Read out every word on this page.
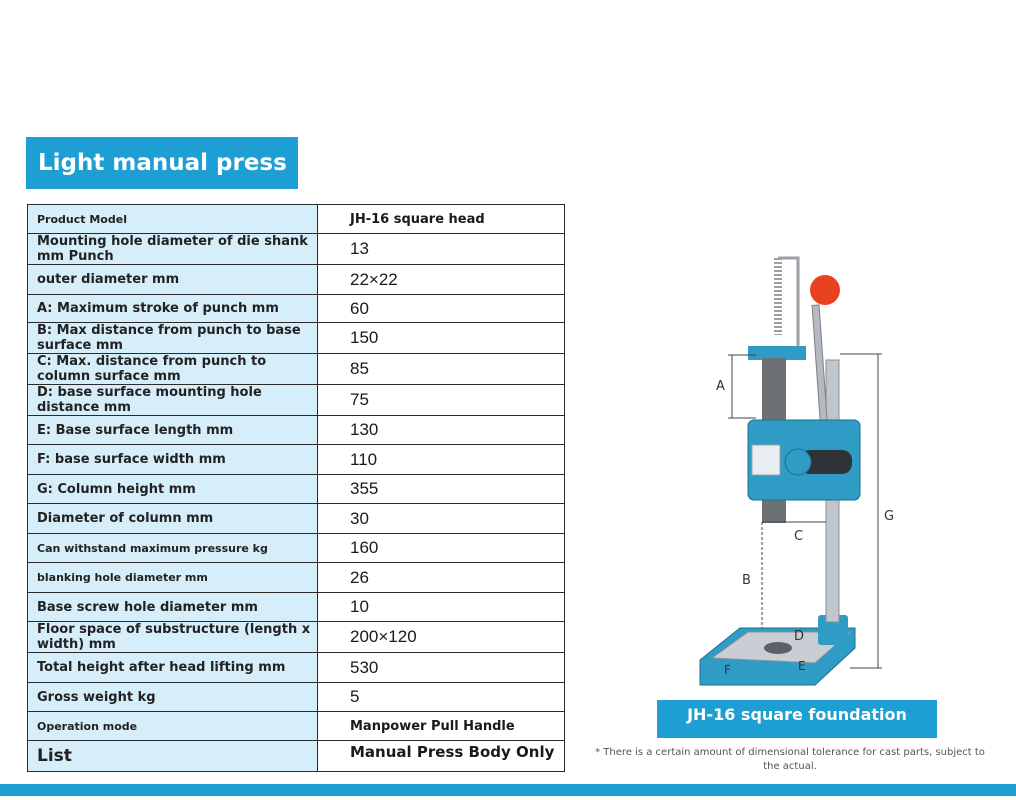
Light manual press
Product Model	JH-16 square head
Mounting hole diameter of die shank mm Punch	13
outer diameter mm	22×22
A: Maximum stroke of punch mm	60
B: Max distance from punch to base surface mm	150
C: Max. distance from punch to column surface mm	85
D: base surface mounting hole distance mm	75
E: Base surface length mm	130
F: base surface width mm	110
G: Column height mm	355
Diameter of column mm	30
Can withstand maximum pressure kg	160
blanking hole diameter mm	26
Base screw hole diameter mm	10
Floor space of substructure (length x width) mm	200×120
Total height after head lifting mm	530
Gross weight kg	5
Operation mode	Manpower Pull Handle
List	Manual Press Body Only
A
B
C
D
E
F
G
JH-16 square foundation
* There is a certain amount of dimensional tolerance for cast parts, subject to the actual.
